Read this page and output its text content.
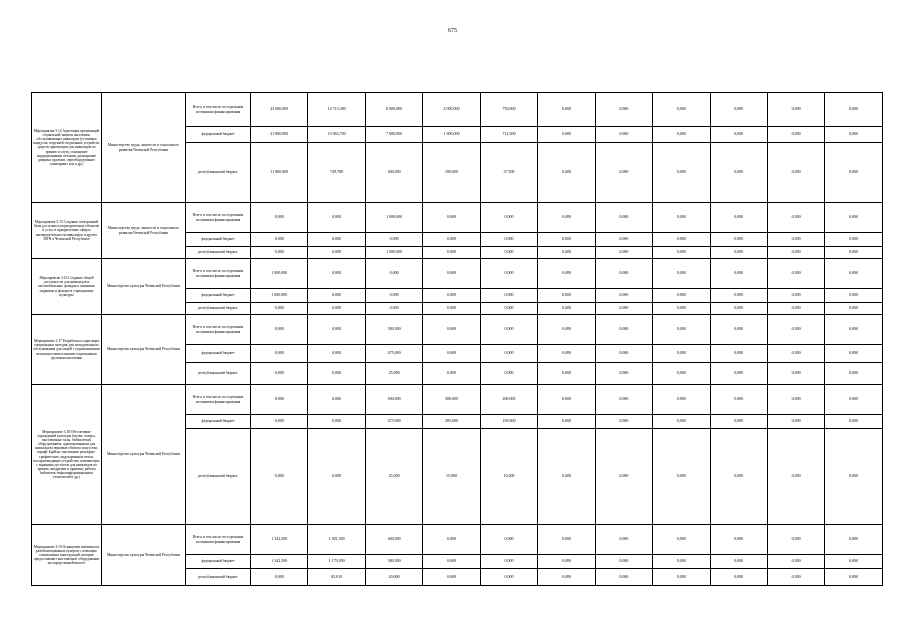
675
Мероприятие 3.14 Адаптация организаций социальной защиты населения, обслуживающих инвалидов (установка пандусов, поручней, подъемных устройств, средств ориентации для инвалидов по зрению и слуху, оснащение индукционными петлями, расширение дверных проемов, переоборудование санитарных зон и др.)	Министерство труда, занятости и социального развития Чеченской Республики	Всего, в том числе по отдельным источникам финансирования	23 600,000	14 713,380	8 000,000	2 000,000	750,000	0,000	0,000	0,000	0,000	0,000	0,000
		федеральный бюджет	21 800,000	13 963,700	7 600,000	1 900,000	712,500	0,000	0,000	0,000	0,000	0,000	0,000
		республиканский бюджет	11 800,000	749,780	400,000	100,000	37,500	0,000	0,000	0,000	0,000	0,000	0,000
Мероприятие 3.15 Создание электронной базы доступности приоритетных объектов и услуг в приоритетных сферах жизнедеятельности инвалидов и других МГН в Чеченской Республике	Министерство труда, занятости и социального развития Чеченской Республики	Всего, в том числе по отдельным источникам финансирования	0,000	0,000	1 000,000	0,000	0,000	0,000	0,000	0,000	0,000	0,000	0,000
		федеральный бюджет	0,000	0,000	0,000	0,000	0,000	0,000	0,000	0,000	0,000	0,000	0,000
		республиканский бюджет	0,000	0,000	1 000,000	0,000	0,000	0,000	0,000	0,000	0,000	0,000	0,000
Мероприятие 3.16 Создание общей доступности для инвалидов и маломобильных граждан к книжным изданиям и фондам в учреждениях культуры	Министерство культуры Чеченской Республики	Всего, в том числе по отдельным источникам финансирования	1 000,000	0,000	0,000	0,000	0,000	0,000	0,000	0,000	0,000	0,000	0,000
		федеральный бюджет	1 000,000	0,000	0,000	0,000	0,000	0,000	0,000	0,000	0,000	0,000	0,000
		республиканский бюджет	0,000	0,000	0,000	0,000	0,000	0,000	0,000	0,000	0,000	0,000	0,000
Мероприятие 3.17 Разработка и адаптация специальных методик для экскурсионного обслуживания для людей с ограниченными возможностями и иными социальными группами населения	Министерство культуры Чеченской Республики	Всего, в том числе по отдельным источникам финансирования	0,000	0,000	500,000	0,000	0,000	0,000	0,000	0,000	0,000	0,000	0,000
		федеральный бюджет	0,000	0,000	475,000	0,000	0,000	0,000	0,000	0,000	0,000	0,000	0,000
		республиканский бюджет	0,000	0,000	25,000	0,000	0,000	0,000	0,000	0,000	0,000	0,000	0,000
Мероприятие 3.18 Обеспечение учреждений культуры (музеи, театры, выставочные залы, библиотеки) оборудованием, адаптированным для инвалидов (звуковые объекты искусства, шрифт Брайля, тактильные рельефно-графические, индукционные петли, воспроизводящие устройства, компьютеры с экранным доступом для инвалидов по зрению, внедрение в практику работы библиотек тифлоинформационных технологий и др.)	Министерство культуры Чеченской Республики	Всего, в том числе по отдельным источникам финансирования	0,000	0,000	500,000	300,000	200,000	0,000	0,000	0,000	0,000	0,000	0,000
		федеральный бюджет	0,000	0,000	475,000	285,000	190,000	0,000	0,000	0,000	0,000	0,000	0,000
		республиканский бюджет	0,000	0,000	25,000	15,000	10,000	0,000	0,000	0,000	0,000	0,000	0,000
Мероприятие 3.19 Оснащение имеющихся реабилитационных центров с помощью специальных конструкций, которые предоставляют выставочное оборудование на определенной высоте	Министерство культуры Чеченской Республики	Всего, в том числе по отдельным источникам финансирования	1 342,500	1 301,300	400,000	0,000	0,000	0,000	0,000	0,000	0,000	0,000	0,000
		федеральный бюджет	1 342,500	1 179,290	380,000	0,000	0,000	0,000	0,000	0,000	0,000	0,000	0,000
		республиканский бюджет	0,000	65,010	20,000	0,000	0,000	0,000	0,000	0,000	0,000	0,000	0,000
